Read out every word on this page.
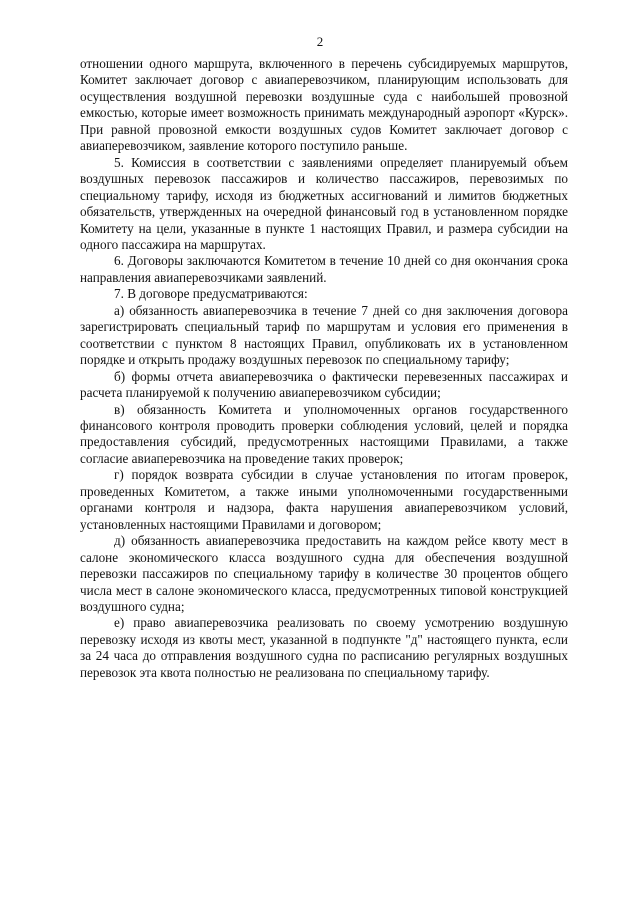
2

отношении одного маршрута, включенного в перечень субсидируемых маршрутов, Комитет заключает договор с авиаперевозчиком, планирующим использовать для осуществления воздушной перевозки воздушные суда с наибольшей провозной емкостью, которые имеет возможность принимать международный аэропорт «Курск». При равной провозной емкости воздушных судов Комитет заключает договор с авиаперевозчиком, заявление которого поступило раньше.

5. Комиссия в соответствии с заявлениями определяет планируемый объем воздушных перевозок пассажиров и количество пассажиров, перевозимых по специальному тарифу, исходя из бюджетных ассигнований и лимитов бюджетных обязательств, утвержденных на очередной финансовый год в установленном порядке Комитету на цели, указанные в пункте 1 настоящих Правил, и размера субсидии на одного пассажира на маршрутах.

6. Договоры заключаются Комитетом в течение 10 дней со дня окончания срока направления авиаперевозчиками заявлений.

7. В договоре предусматриваются:

а) обязанность авиаперевозчика в течение 7 дней со дня заключения договора зарегистрировать специальный тариф по маршрутам и условия его применения в соответствии с пунктом 8 настоящих Правил, опубликовать их в установленном порядке и открыть продажу воздушных перевозок по специальному тарифу;

б) формы отчета авиаперевозчика о фактически перевезенных пассажирах и расчета планируемой к получению авиаперевозчиком субсидии;

в) обязанность Комитета и уполномоченных органов государственного финансового контроля проводить проверки соблюдения условий, целей и порядка предоставления субсидий, предусмотренных настоящими Правилами, а также согласие авиаперевозчика на проведение таких проверок;

г) порядок возврата субсидии в случае установления по итогам проверок, проведенных Комитетом, а также иными уполномоченными государственными органами контроля и надзора, факта нарушения авиаперевозчиком условий, установленных настоящими Правилами и договором;

д) обязанность авиаперевозчика предоставить на каждом рейсе квоту мест в салоне экономического класса воздушного судна для обеспечения воздушной перевозки пассажиров по специальному тарифу в количестве 30 процентов общего числа мест в салоне экономического класса, предусмотренных типовой конструкцией воздушного судна;

е) право авиаперевозчика реализовать по своему усмотрению воздушную перевозку исходя из квоты мест, указанной в подпункте "д" настоящего пункта, если за 24 часа до отправления воздушного судна по расписанию регулярных воздушных перевозок эта квота полностью не реализована по специальному тарифу.
